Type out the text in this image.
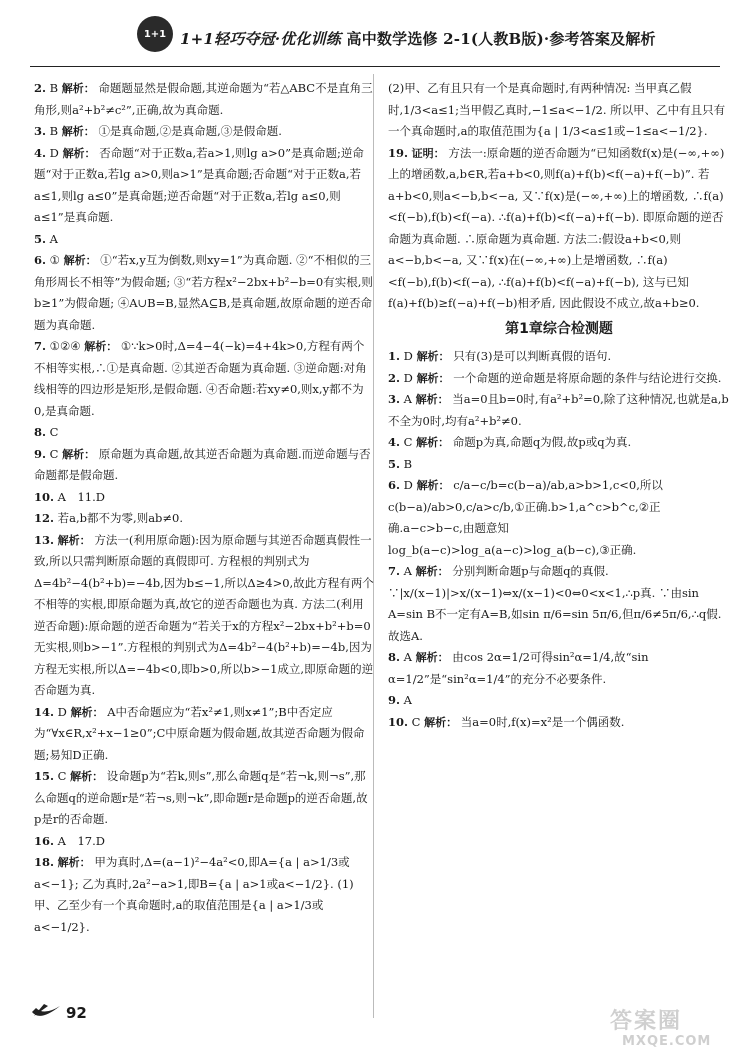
1+1 1+1轻巧夺冠·优化训练 高中数学选修 2-1(人教B版)·参考答案及解析

2. B 解析： 命题题显然是假命题,其逆命题为“若△ABC不是直角三角形,则a²+b²≠c²”,正确,故为真命题.

3. B 解析： ①是真命题,②是真命题,③是假命题.

4. D 解析： 否命题“对于正数a,若a>1,则lg a>0”是真命题;逆命题“对于正数a,若lg a>0,则a>1”是真命题;否命题“对于正数a,若a≤1,则lg a≤0”是真命题;逆否命题“对于正数a,若lg a≤0,则a≤1”是真命题.

5. A

6. ① 解析： ①“若x,y互为倒数,则xy=1”为真命题. ②“不相似的三角形周长不相等”为假命题; ③“若方程x²−2bx+b²−b=0有实根,则b≥1”为假命题; ④A∪B=B,显然A⊆B,是真命题,故原命题的逆否命题为真命题.

7. ①②④ 解析： ①∵k>0时,Δ=4−4(−k)=4+4k>0,方程有两个不相等实根,∴①是真命题. ②其逆否命题为真命题. ③逆命题:对角线相等的四边形是矩形,是假命题. ④否命题:若xy≠0,则x,y都不为0,是真命题.

8. C

9. C 解析： 原命题为真命题,故其逆否命题为真命题.而逆命题与否命题都是假命题.

10. A　11.D

12. 若a,b都不为零,则ab≠0.

13. 解析： 方法一(利用原命题):因为原命题与其逆否命题真假性一致,所以只需判断原命题的真假即可. 方程根的判别式为Δ=4b²−4(b²+b)=−4b,因为b≤−1,所以Δ≥4>0,故此方程有两个不相等的实根,即原命题为真,故它的逆否命题也为真. 方法二(利用逆否命题):原命题的逆否命题为“若关于x的方程x²−2bx+b²+b=0无实根,则b>−1”.方程根的判别式为Δ=4b²−4(b²+b)=−4b,因为方程无实根,所以Δ=−4b<0,即b>0,所以b>−1成立,即原命题的逆否命题为真.

14. D 解析： A中否命题应为“若x²≠1,则x≠1”;B中否定应为“∀x∈R,x²+x−1≥0”;C中原命题为假命题,故其逆否命题为假命题;易知D正确.

15. C 解析： 设命题p为“若k,则s”,那么命题q是“若¬k,则¬s”,那么命题q的逆命题r是“若¬s,则¬k”,即命题r是命题p的逆否命题,故p是r的否命题.

16. A　17.D

18. 解析： 甲为真时,Δ=(a−1)²−4a²<0,即A={a | a>1/3或a<−1}; 乙为真时,2a²−a>1,即B={a | a>1或a<−1/2}. (1)甲、乙至少有一个真命题时,a的取值范围是{a | a>1/3或a<−1/2}.

(2)甲、乙有且只有一个是真命题时,有两种情况: 当甲真乙假时,1/3<a≤1;当甲假乙真时,−1≤a<−1/2. 所以甲、乙中有且只有一个真命题时,a的取值范围为{a | 1/3<a≤1或−1≤a<−1/2}.

19. 证明： 方法一:原命题的逆否命题为“已知函数f(x)是(−∞,+∞)上的增函数,a,b∈R,若a+b<0,则f(a)+f(b)<f(−a)+f(−b)”. 若a+b<0,则a<−b,b<−a, 又∵f(x)是(−∞,+∞)上的增函数, ∴f(a)<f(−b),f(b)<f(−a). ∴f(a)+f(b)<f(−a)+f(−b). 即原命题的逆否命题为真命题. ∴原命题为真命题. 方法二:假设a+b<0,则a<−b,b<−a, 又∵f(x)在(−∞,+∞)上是增函数, ∴f(a)<f(−b),f(b)<f(−a), ∴f(a)+f(b)<f(−a)+f(−b), 这与已知f(a)+f(b)≥f(−a)+f(−b)相矛盾, 因此假设不成立,故a+b≥0.

第1章综合检测题

1. D 解析： 只有(3)是可以判断真假的语句.

2. D 解析： 一个命题的逆命题是将原命题的条件与结论进行交换.

3. A 解析： 当a=0且b=0时,有a²+b²=0,除了这种情况,也就是a,b不全为0时,均有a²+b²≠0.

4. C 解析： 命题p为真,命题q为假,故p或q为真.

5. B

6. D 解析： c/a−c/b=c(b−a)/ab,a>b>1,c<0,所以c(b−a)/ab>0,c/a>c/b,①正确.b>1,a^c>b^c,②正确.a−c>b−c,由题意知log_b(a−c)>log_a(a−c)>log_a(b−c),③正确.

7. A 解析： 分别判断命题p与命题q的真假. ∵|x/(x−1)|>x/(x−1)⇔x/(x−1)<0⇔0<x<1,∴p真. ∵由sin A=sin B不一定有A=B,如sin π/6=sin 5π/6,但π/6≠5π/6,∴q假.故选A.

8. A 解析： 由cos 2α=1/2可得sin²α=1/4,故“sin α=1/2”是“sin²α=1/4”的充分不必要条件.

9. A

10. C 解析： 当a=0时,f(x)=x²是一个偶函数.

92	答案圈
MXQE.COM
